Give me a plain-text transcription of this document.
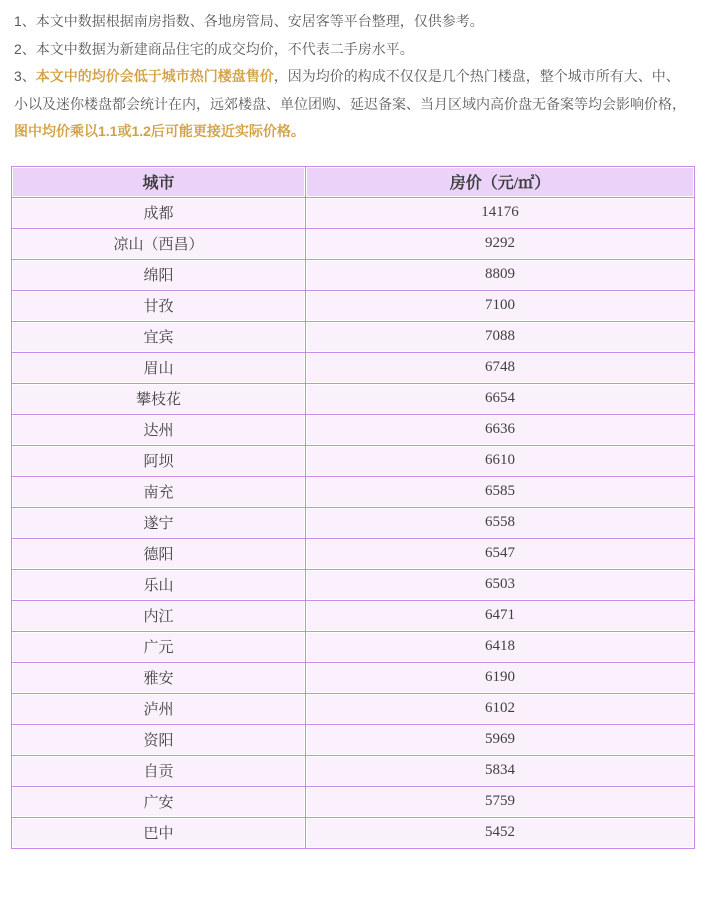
1、本文中数据根据南房指数、各地房管局、安居客等平台整理，仅供参考。

2、本文中数据为新建商品住宅的成交均价，不代表二手房水平。

3、本文中的均价会低于城市热门楼盘售价，因为均价的构成不仅仅是几个热门楼盘，整个城市所有大、中、小以及迷你楼盘都会统计在内，远郊楼盘、单位团购、延迟备案、当月区域内高价盘无备案等均会影响价格，图中均价乘以1.1或1.2后可能更接近实际价格。

城市	房价（元/㎡）
成都	14176
凉山（西昌）	9292
绵阳	8809
甘孜	7100
宜宾	7088
眉山	6748
攀枝花	6654
达州	6636
阿坝	6610
南充	6585
遂宁	6558
德阳	6547
乐山	6503
内江	6471
广元	6418
雅安	6190
泸州	6102
资阳	5969
自贡	5834
广安	5759
巴中	5452
